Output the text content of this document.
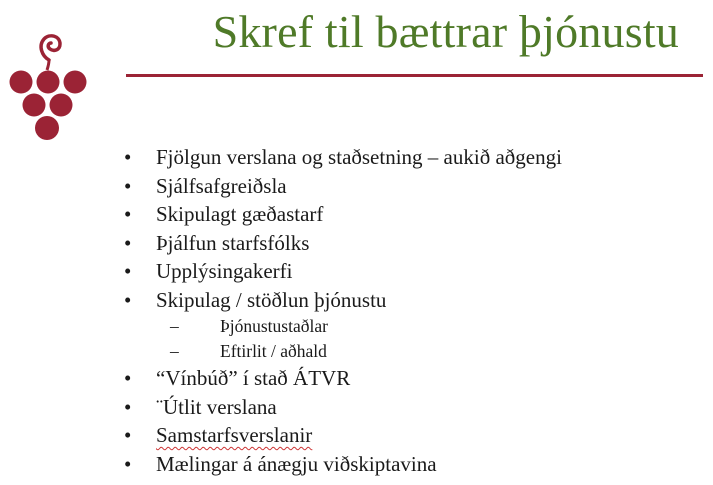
Skref til bættrar þjónustu
• Fjölgun verslana og staðsetning – aukið aðgengi
• Sjálfsafgreiðsla
• Skipulagt gæðastarf
• Þjálfun starfsfólks
• Upplýsingakerfi
• Skipulag / stöðlun þjónustu
– Þjónustustaðlar
– Eftirlit / aðhald
• “Vínbúð” í stað ÁTVR
• ¨Útlit verslana
• Samstarfsverslanir
• Mælingar á ánægju viðskiptavina
